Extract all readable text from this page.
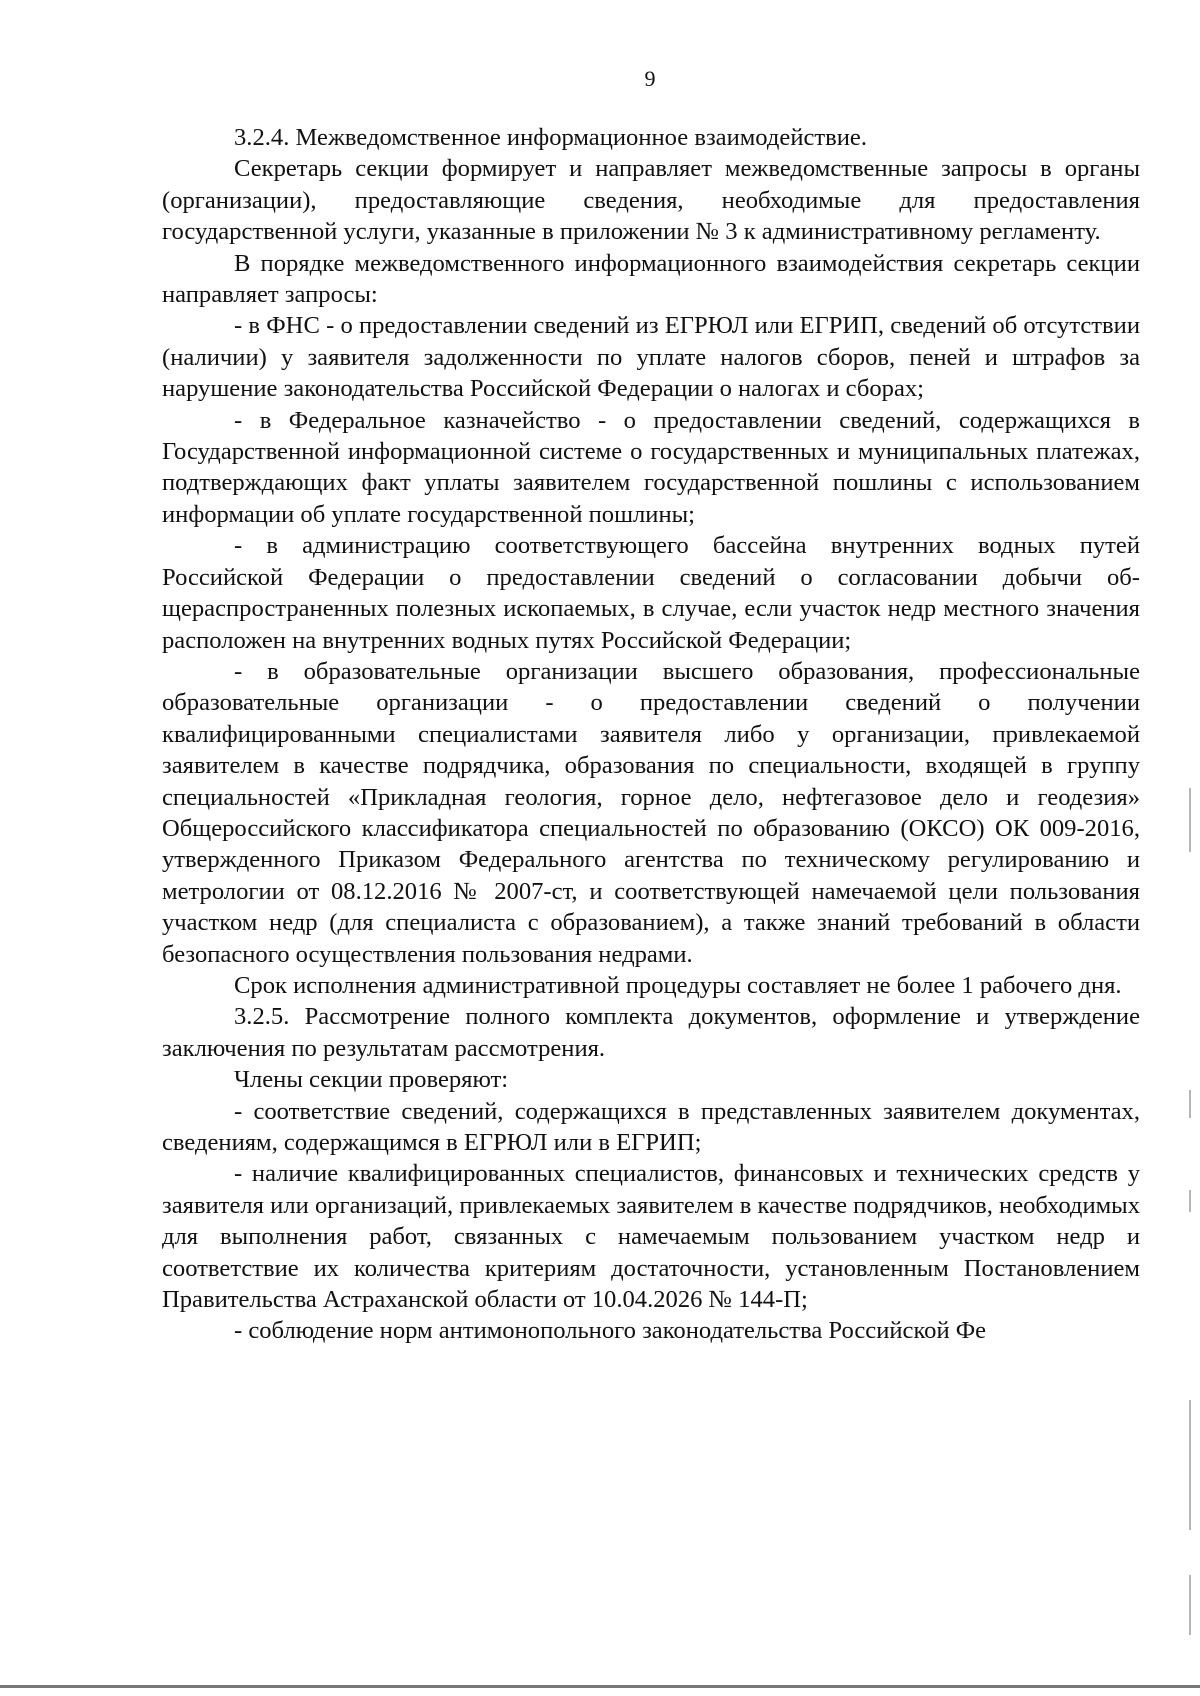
9

3.2.4. Межведомственное информационное взаимодействие.

Секретарь секции формирует и направляет межведомственные запросы в органы (организации), предоставляющие сведения, необходимые для предоставления государственной услуги, указанные в приложении № 3 к административному регламенту.

В порядке межведомственного информационного взаимодействия секретарь секции направляет запросы:

- в ФНС - о предоставлении сведений из ЕГРЮЛ или ЕГРИП, сведений об отсутствии (наличии) у заявителя задолженности по уплате налогов сборов, пеней и штрафов за нарушение законодательства Российской Федерации о налогах и сборах;

- в Федеральное казначейство - о предоставлении сведений, содержащихся в Государственной информационной системе о государственных и муниципальных платежах, подтверждающих факт уплаты заявителем государственной пошлины с использованием информации об уплате государственной пошлины;

- в администрацию соответствующего бассейна внутренних водных путей Российской Федерации о предоставлении сведений о согласовании добычи общераспространенных полезных ископаемых, в случае, если участок недр местного значения расположен на внутренних водных путях Российской Федерации;

- в образовательные организации высшего образования, профессиональные образовательные организации - о предоставлении сведений о получении квалифицированными специалистами заявителя либо у организации, привлекаемой заявителем в качестве подрядчика, образования по специальности, входящей в группу специальностей «Прикладная геология, горное дело, нефтегазовое дело и геодезия» Общероссийского классификатора специальностей по образованию (ОКСО) ОК 009-2016, утвержденного Приказом Федерального агентства по техническому регулированию и метрологии от 08.12.2016 № 2007-ст, и соответствующей намечаемой цели пользования участком недр (для специалиста с образованием), а также знаний требований в области безопасного осуществления пользования недрами.

Срок исполнения административной процедуры составляет не более 1 рабочего дня.

3.2.5. Рассмотрение полного комплекта документов, оформление и утверждение заключения по результатам рассмотрения.

Члены секции проверяют:

- соответствие сведений, содержащихся в представленных заявителем документах, сведениям, содержащимся в ЕГРЮЛ или в ЕГРИП;

- наличие квалифицированных специалистов, финансовых и технических средств у заявителя или организаций, привлекаемых заявителем в качестве подрядчиков, необходимых для выполнения работ, связанных с намечаемым пользованием участком недр и соответствие их количества критериям достаточности, установленным Постановлением Правительства Астраханской области от 10.04.2026 № 144-П;

- соблюдение норм антимонопольного законодательства Российской Фе
